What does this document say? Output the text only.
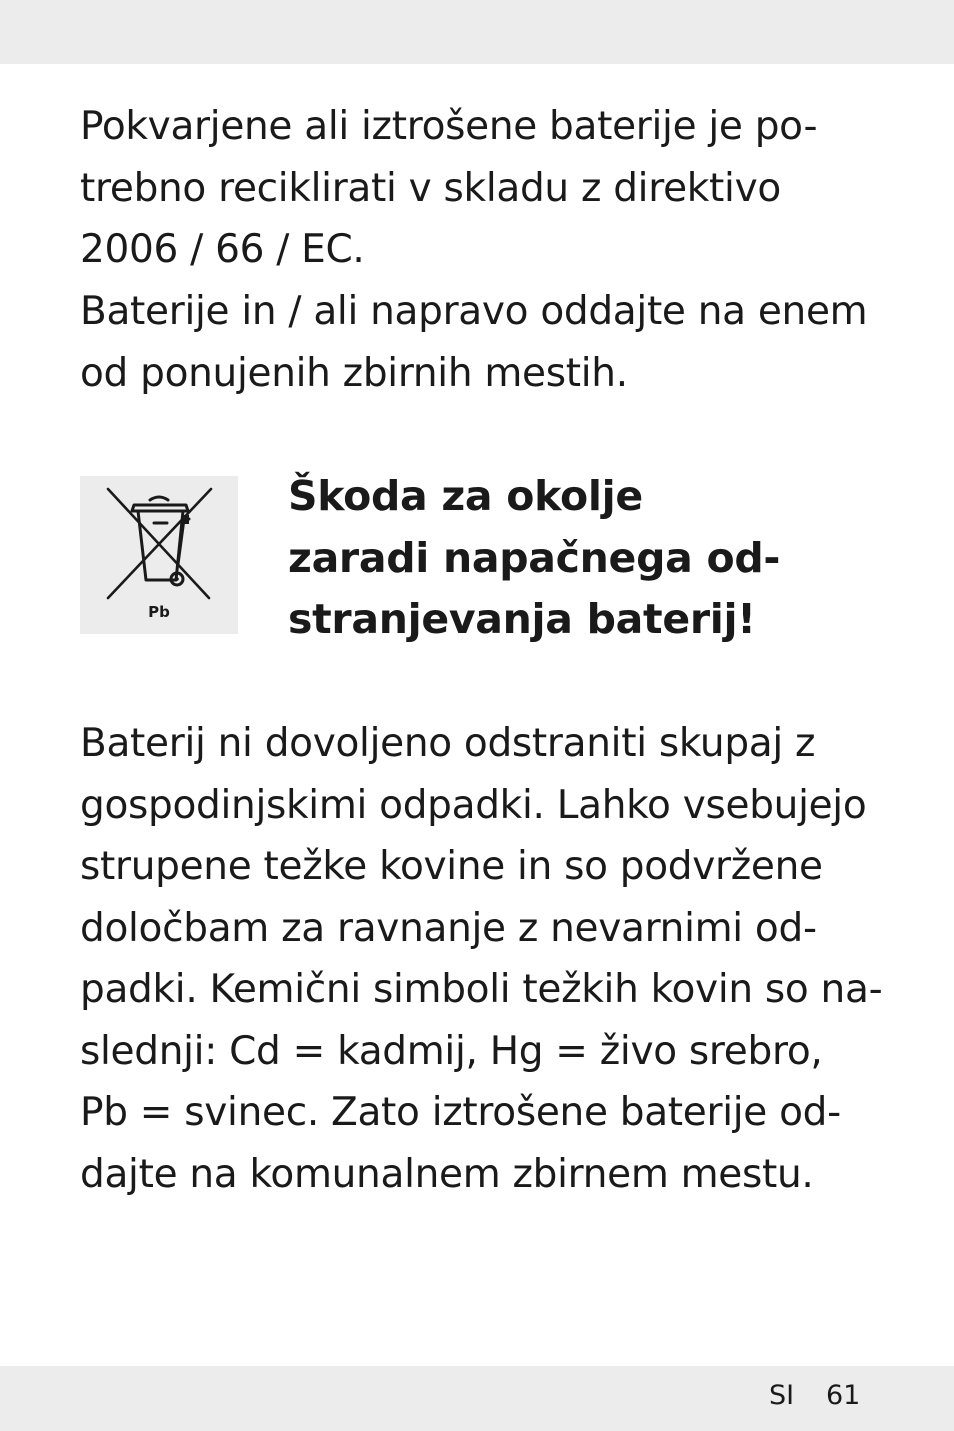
Pokvarjene ali iztrošene baterije je po-
trebno reciklirati v skladu z direktivo
2006 / 66 / EC.

Baterije in / ali napravo oddajte na enem
od ponujenih zbirnih mestih.

Pb
Škoda za okolje
zaradi napačnega od-
stranjevanja baterij!

Baterij ni dovoljeno odstraniti skupaj z
gospodinjskimi odpadki. Lahko vsebujejo
strupene težke kovine in so podvržene
določbam za ravnanje z nevarnimi od-
padki. Kemični simboli težkih kovin so na-
slednji: Cd = kadmij, Hg = živo srebro,
Pb = svinec. Zato iztrošene baterije od-
dajte na komunalnem zbirnem mestu.

SI 61
